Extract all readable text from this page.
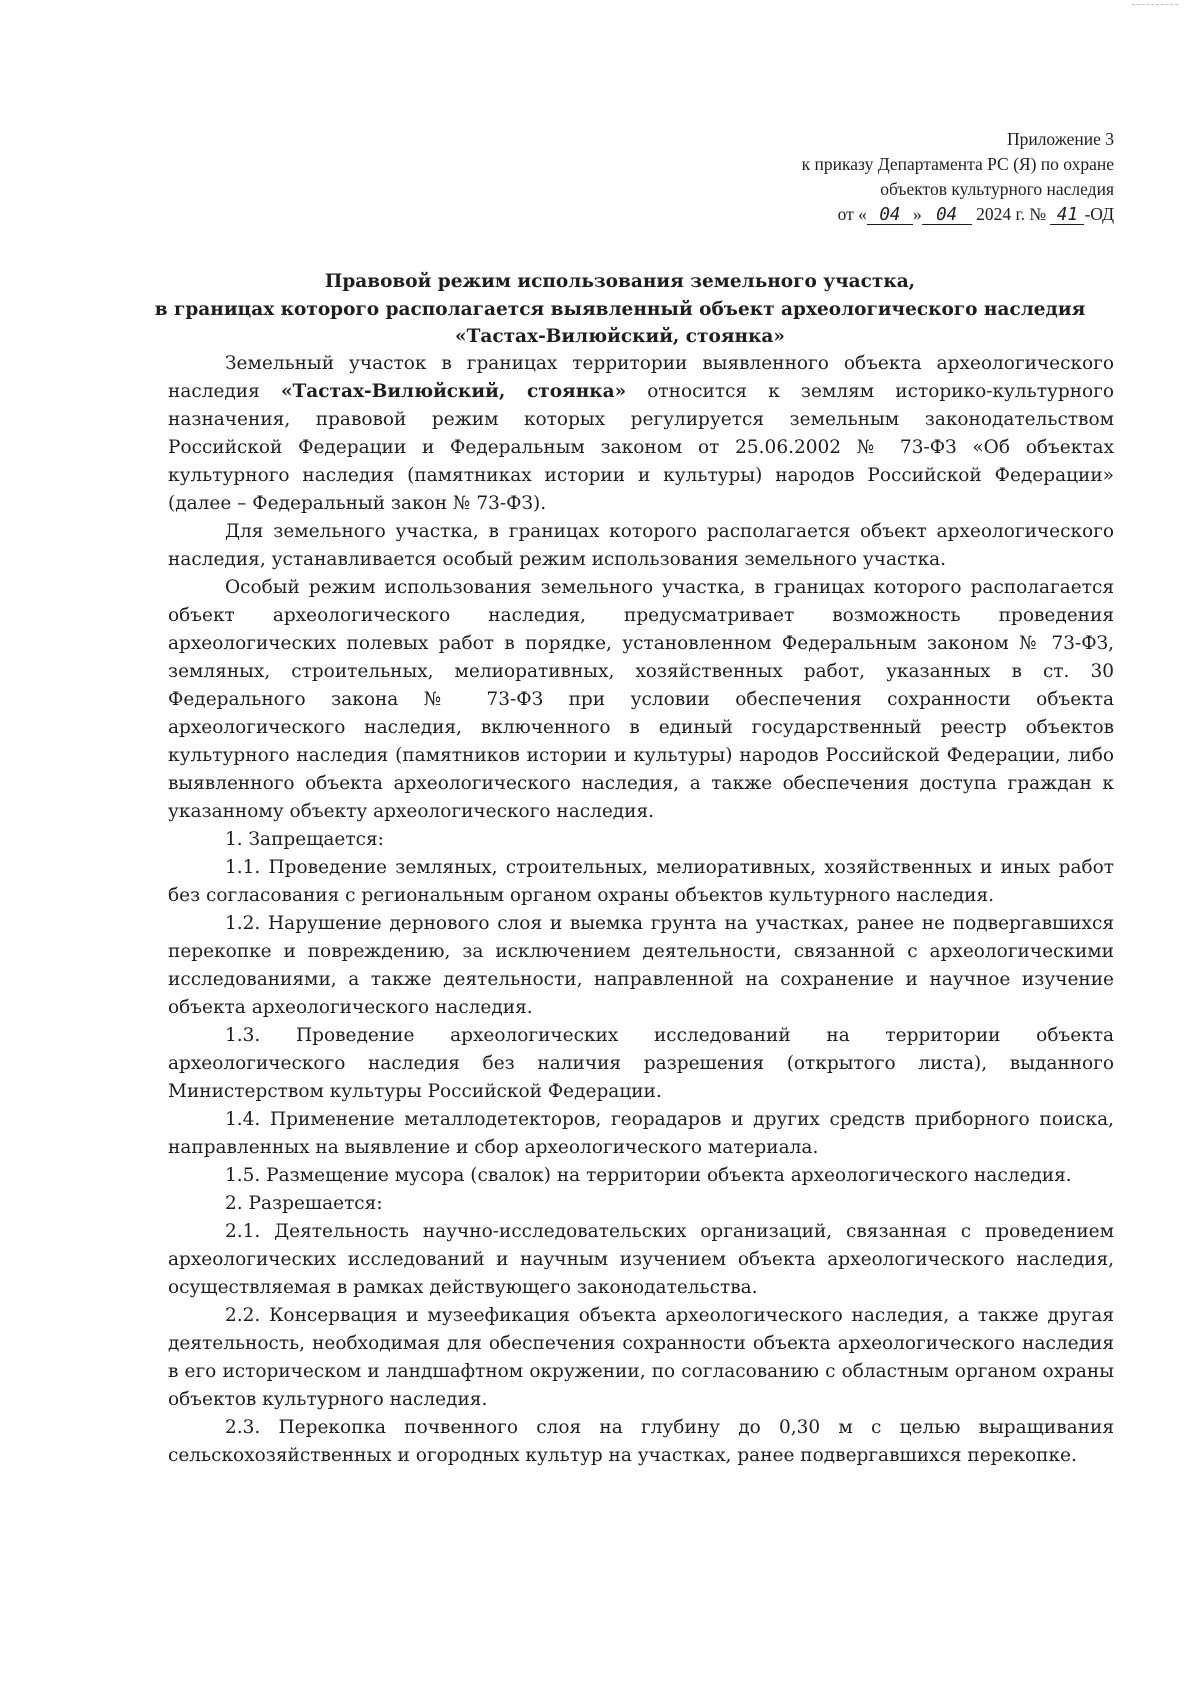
Приложение 3
к приказу Департамента РС (Я) по охране
объектов культурного наследия
от « 04 » 04 2024 г. № 41 -ОД
Правовой режим использования земельного участка,
в границах которого располагается выявленный объект археологического наследия
«Тастах-Вилюйский, стоянка»

Земельный участок в границах территории выявленного объекта археологического наследия «Тастах-Вилюйский, стоянка» относится к землям историко-культурного назначения, правовой режим которых регулируется земельным законодательством Российской Федерации и Федеральным законом от 25.06.2002 № 73-ФЗ «Об объектах культурного наследия (памятниках истории и культуры) народов Российской Федерации» (далее – Федеральный закон № 73-ФЗ).

Для земельного участка, в границах которого располагается объект археологического наследия, устанавливается особый режим использования земельного участка.

Особый режим использования земельного участка, в границах которого располагается объект археологического наследия, предусматривает возможность проведения археологических полевых работ в порядке, установленном Федеральным законом № 73-ФЗ, земляных, строительных, мелиоративных, хозяйственных работ, указанных в ст. 30 Федерального закона № 73-ФЗ при условии обеспечения сохранности объекта археологического наследия, включенного в единый государственный реестр объектов культурного наследия (памятников истории и культуры) народов Российской Федерации, либо выявленного объекта археологического наследия, а также обеспечения доступа граждан к указанному объекту археологического наследия.

1. Запрещается:

1.1. Проведение земляных, строительных, мелиоративных, хозяйственных и иных работ без согласования с региональным органом охраны объектов культурного наследия.

1.2. Нарушение дернового слоя и выемка грунта на участках, ранее не подвергавшихся перекопке и повреждению, за исключением деятельности, связанной с археологическими исследованиями, а также деятельности, направленной на сохранение и научное изучение объекта археологического наследия.

1.3. Проведение археологических исследований на территории объекта археологического наследия без наличия разрешения (открытого листа), выданного Министерством культуры Российской Федерации.

1.4. Применение металлодетекторов, георадаров и других средств приборного поиска, направленных на выявление и сбор археологического материала.

1.5. Размещение мусора (свалок) на территории объекта археологического наследия.

2. Разрешается:

2.1. Деятельность научно-исследовательских организаций, связанная с проведением археологических исследований и научным изучением объекта археологического наследия, осуществляемая в рамках действующего законодательства.

2.2. Консервация и музеефикация объекта археологического наследия, а также другая деятельность, необходимая для обеспечения сохранности объекта археологического наследия в его историческом и ландшафтном окружении, по согласованию с областным органом охраны объектов культурного наследия.

2.3. Перекопка почвенного слоя на глубину до 0,30 м с целью выращивания сельскохозяйственных и огородных культур на участках, ранее подвергавшихся перекопке.
